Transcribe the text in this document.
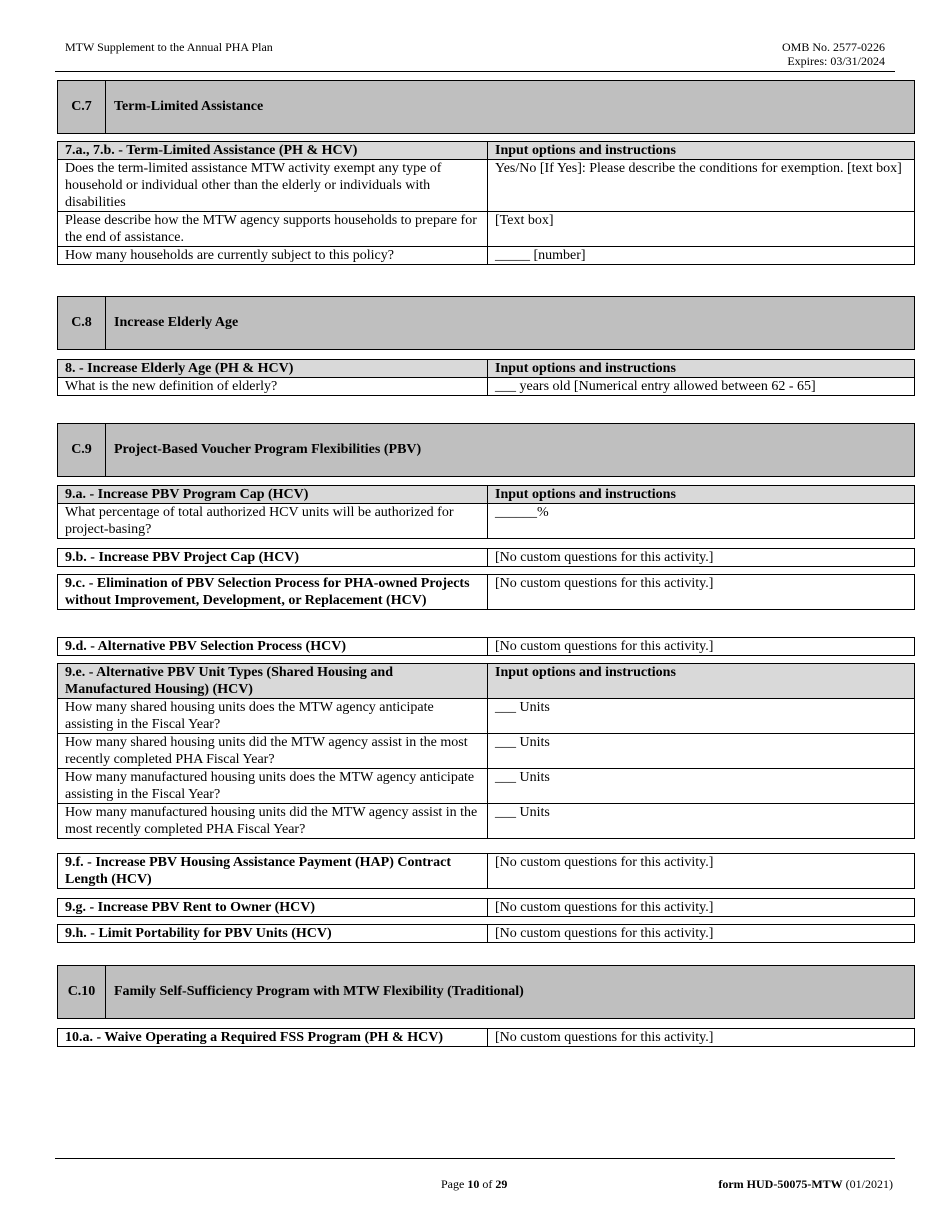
MTW Supplement to the Annual PHA Plan	OMB No. 2577-0226
Expires: 03/31/2024
C.7	Term-Limited Assistance
7.a., 7.b. - Term-Limited Assistance (PH & HCV)	Input options and instructions
Does the term-limited assistance MTW activity exempt any type of household or individual other than the elderly or individuals with disabilities	Yes/No [If Yes]: Please describe the conditions for exemption. [text box]
Please describe how the MTW agency supports households to prepare for the end of assistance.	[Text box]
How many households are currently subject to this policy?	_____ [number]
C.8	Increase Elderly Age
8. - Increase Elderly Age (PH & HCV)	Input options and instructions
What is the new definition of elderly?	___ years old [Numerical entry allowed between 62 - 65]
C.9	Project-Based Voucher Program Flexibilities (PBV)
9.a. - Increase PBV Program Cap (HCV)	Input options and instructions
What percentage of total authorized HCV units will be authorized for project-basing?	______%
9.b. - Increase PBV Project Cap (HCV)	[No custom questions for this activity.]
9.c. - Elimination of PBV Selection Process for PHA-owned Projects without Improvement, Development, or Replacement (HCV)	[No custom questions for this activity.]
9.d. - Alternative PBV Selection Process (HCV)	[No custom questions for this activity.]
9.e. - Alternative PBV Unit Types (Shared Housing and Manufactured Housing) (HCV)	Input options and instructions
How many shared housing units does the MTW agency anticipate assisting in the Fiscal Year?	___ Units
How many shared housing units did the MTW agency assist in the most recently completed PHA Fiscal Year?	___ Units
How many manufactured housing units does the MTW agency anticipate assisting in the Fiscal Year?	___ Units
How many manufactured housing units did the MTW agency assist in the most recently completed PHA Fiscal Year?	___ Units
9.f. - Increase PBV Housing Assistance Payment (HAP) Contract Length (HCV)	[No custom questions for this activity.]
9.g. - Increase PBV Rent to Owner (HCV)	[No custom questions for this activity.]
9.h. - Limit Portability for PBV Units (HCV)	[No custom questions for this activity.]
C.10	Family Self-Sufficiency Program with MTW Flexibility (Traditional)
10.a. - Waive Operating a Required FSS Program (PH & HCV)	[No custom questions for this activity.]
Page 10 of 29	form HUD-50075-MTW (01/2021)
